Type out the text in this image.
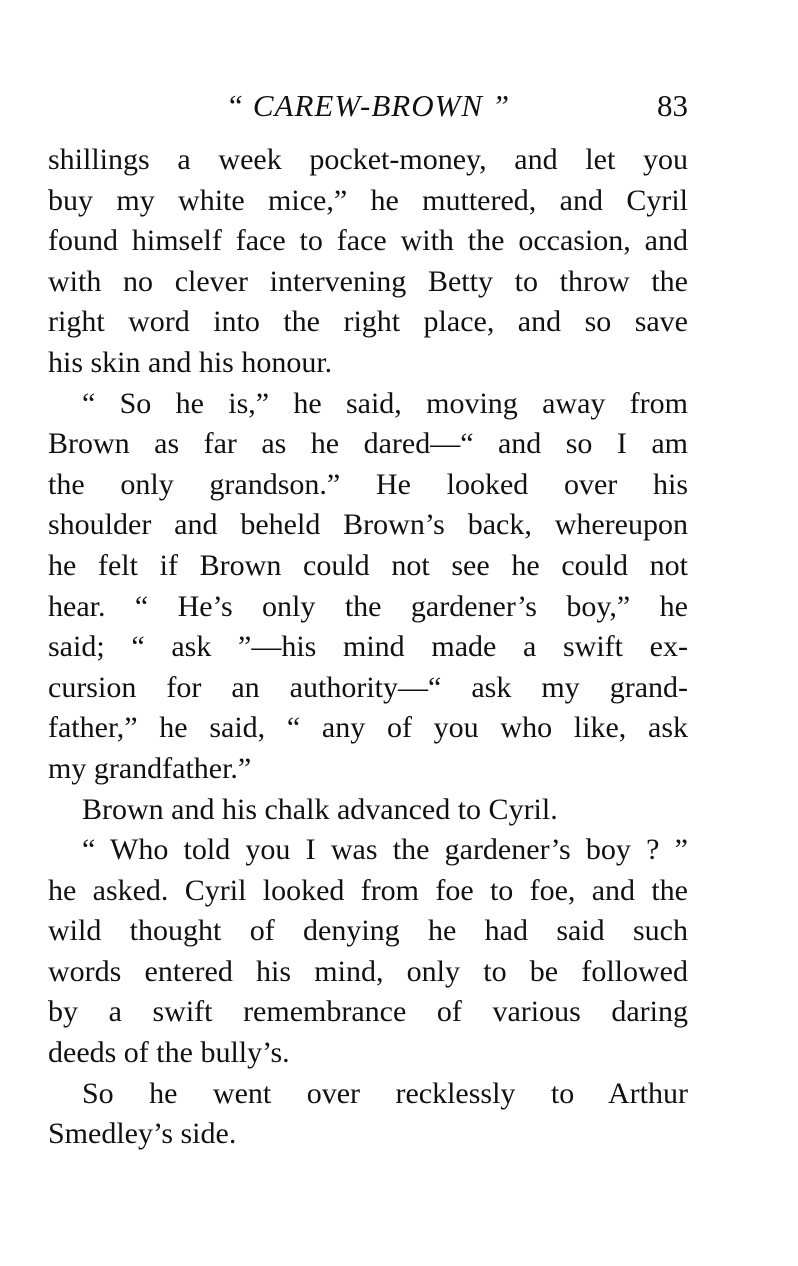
“ CAREW-BROWN ”	83
shillings a week pocket-money, and let you
buy my white mice,” he muttered, and Cyril
found himself face to face with the occasion, and
with no clever intervening Betty to throw the
right word into the right place, and so save
his skin and his honour.
“ So he is,” he said, moving away from
Brown as far as he dared—“ and so I am
the only grandson.” He looked over his
shoulder and beheld Brown’s back, whereupon
he felt if Brown could not see he could not
hear. “ He’s only the gardener’s boy,” he
said; “ ask ”—his mind made a swift ex-
cursion for an authority—“ ask my grand-
father,” he said, “ any of you who like, ask
my grandfather.”
Brown and his chalk advanced to Cyril.
“ Who told you I was the gardener’s boy ? ”
he asked. Cyril looked from foe to foe, and the
wild thought of denying he had said such
words entered his mind, only to be followed
by a swift remembrance of various daring
deeds of the bully’s.
So he went over recklessly to Arthur
Smedley’s side.
